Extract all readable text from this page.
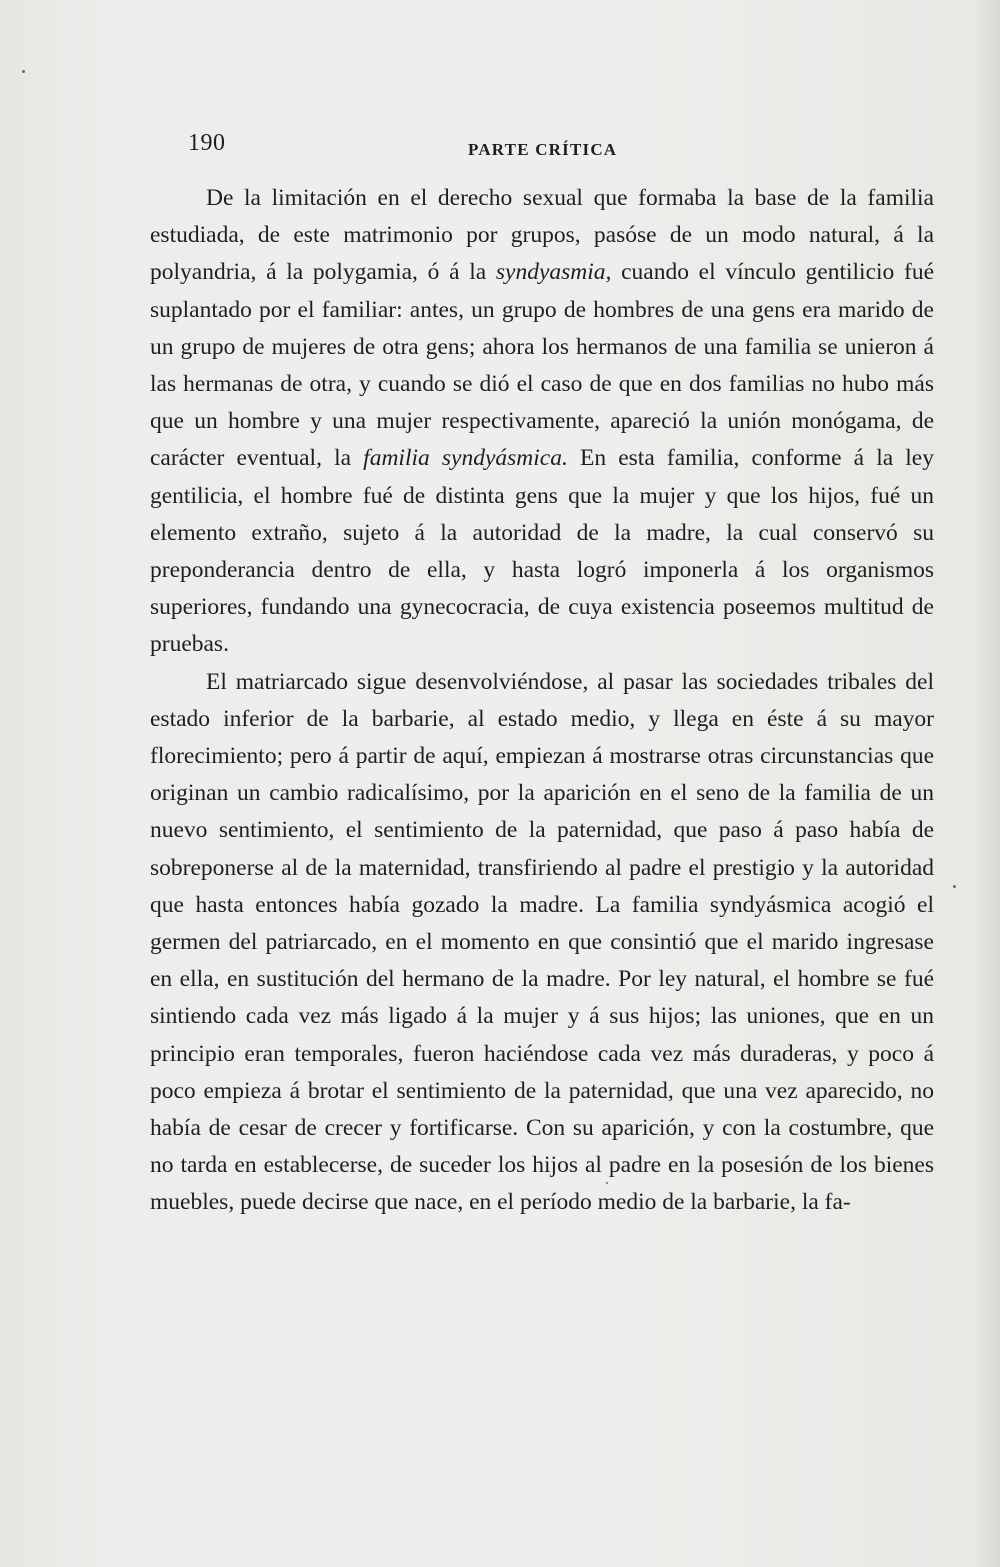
190	PARTE CRÍTICA

De la limitación en el derecho sexual que formaba la base de la familia estudiada, de este matrimonio por grupos, pasóse de un modo natural, á la polyandria, á la polygamia, ó á la syndyasmia, cuando el vínculo gentilicio fué suplantado por el familiar: antes, un grupo de hombres de una gens era marido de un grupo de mujeres de otra gens; ahora los hermanos de una familia se unieron á las hermanas de otra, y cuando se dió el caso de que en dos familias no hubo más que un hombre y una mujer respectivamente, apareció la unión monógama, de carácter eventual, la familia syndyásmica. En esta familia, conforme á la ley gentilicia, el hombre fué de distinta gens que la mujer y que los hijos, fué un elemento extraño, sujeto á la autoridad de la madre, la cual conservó su preponderancia dentro de ella, y hasta logró imponerla á los organismos superiores, fundando una gynecocracia, de cuya existencia poseemos multitud de pruebas.

El matriarcado sigue desenvolviéndose, al pasar las sociedades tribales del estado inferior de la barbarie, al estado medio, y llega en éste á su mayor florecimiento; pero á partir de aquí, empiezan á mostrarse otras circunstancias que originan un cambio radicalísimo, por la aparición en el seno de la familia de un nuevo sentimiento, el sentimiento de la paternidad, que paso á paso había de sobreponerse al de la maternidad, transfiriendo al padre el prestigio y la autoridad que hasta entonces había gozado la madre. La familia syndyásmica acogió el germen del patriarcado, en el momento en que consintió que el marido ingresase en ella, en sustitución del hermano de la madre. Por ley natural, el hombre se fué sintiendo cada vez más ligado á la mujer y á sus hijos; las uniones, que en un principio eran temporales, fueron haciéndose cada vez más duraderas, y poco á poco empieza á brotar el sentimiento de la paternidad, que una vez aparecido, no había de cesar de crecer y fortificarse. Con su aparición, y con la costumbre, que no tarda en establecerse, de suceder los hijos al padre en la posesión de los bienes muebles, puede decirse que nace, en el período medio de la barbarie, la fa-
